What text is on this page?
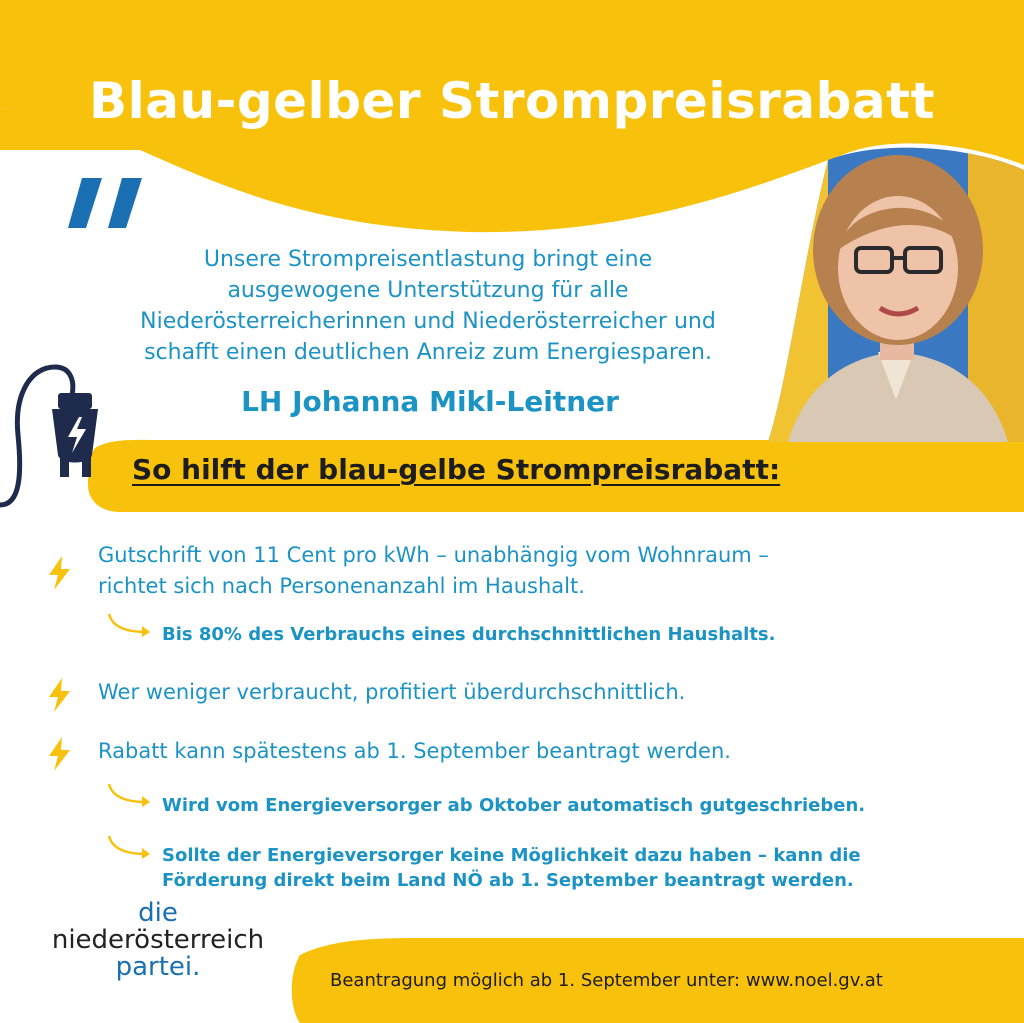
Blau-gelber Strompreisrabatt
Unsere Strompreisentlastung bringt eine
ausgewogene Unterstützung für alle
Niederösterreicherinnen und Niederösterreicher und
schafft einen deutlichen Anreiz zum Energiesparen.
LH Johanna Mikl-Leitner
So hilft der blau-gelbe Strompreisrabatt:
Gutschrift von 11 Cent pro kWh – unabhängig vom Wohnraum –
richtet sich nach Personenanzahl im Haushalt.
Bis 80% des Verbrauchs eines durchschnittlichen Haushalts.
Wer weniger verbraucht, profitiert überdurchschnittlich.
Rabatt kann spätestens ab 1. September beantragt werden.
Wird vom Energieversorger ab Oktober automatisch gutgeschrieben.
Sollte der Energieversorger keine Möglichkeit dazu haben – kann die
Förderung direkt beim Land NÖ ab 1. September beantragt werden.
die
niederösterreich
partei.	Beantragung möglich ab 1. September unter: www.noel.gv.at
